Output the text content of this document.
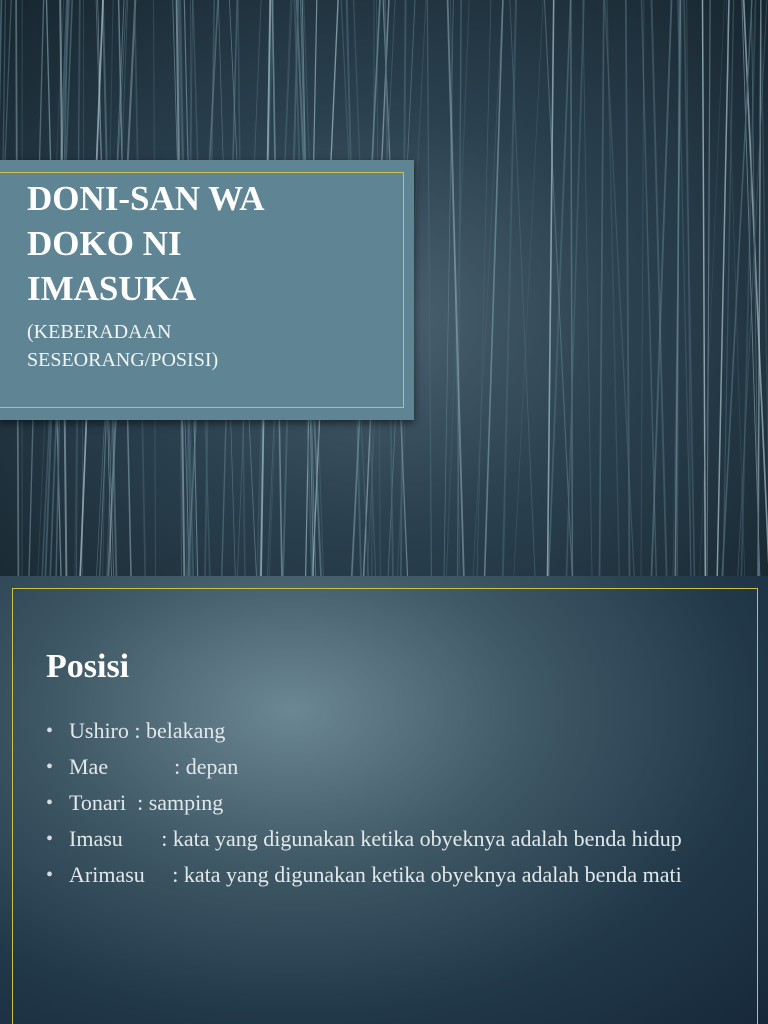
DONI-SAN WA
DOKO NI
IMASUKA
(KEBERADAAN
SESEORANG/POSISI)
Posisi
• Ushiro : belakang
• Mae            : depan
• Tonari  : samping
• Imasu       : kata yang digunakan ketika obyeknya adalah benda hidup
• Arimasu     : kata yang digunakan ketika obyeknya adalah benda mati
